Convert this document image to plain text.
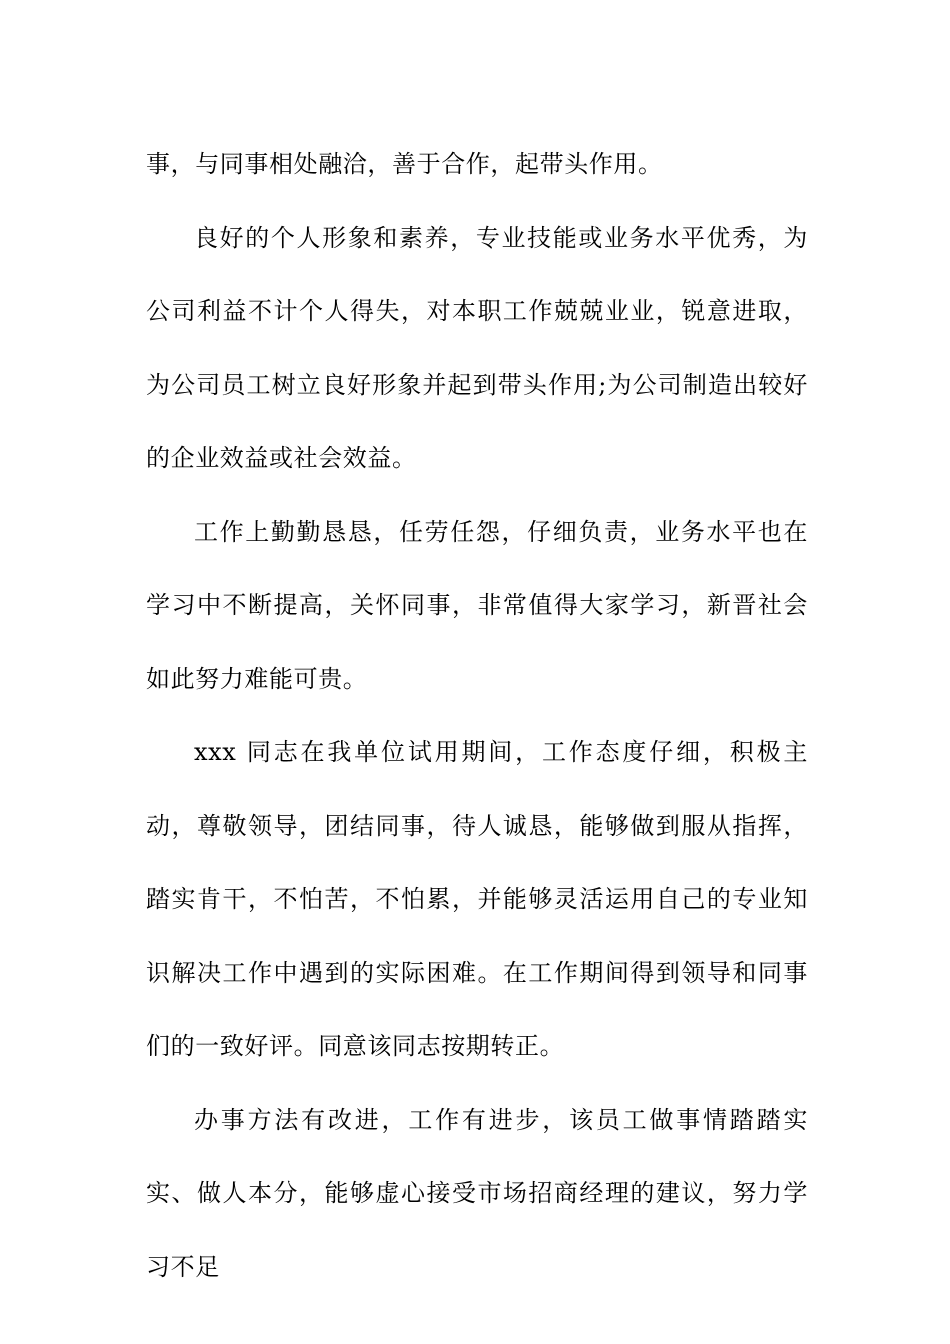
事，与同事相处融洽，善于合作，起带头作用。

良好的个人形象和素养，专业技能或业务水平优秀，为公司利益不计个人得失，对本职工作兢兢业业，锐意进取，为公司员工树立良好形象并起到带头作用;为公司制造出较好的企业效益或社会效益。

工作上勤勤恳恳，任劳任怨，仔细负责，业务水平也在学习中不断提高，关怀同事，非常值得大家学习，新晋社会如此努力难能可贵。

xxx 同志在我单位试用期间，工作态度仔细，积极主动，尊敬领导，团结同事，待人诚恳，能够做到服从指挥，踏实肯干，不怕苦，不怕累，并能够灵活运用自己的专业知识解决工作中遇到的实际困难。在工作期间得到领导和同事们的一致好评。同意该同志按期转正。

办事方法有改进，工作有进步，该员工做事情踏踏实实、做人本分，能够虚心接受市场招商经理的建议，努力学习不足
